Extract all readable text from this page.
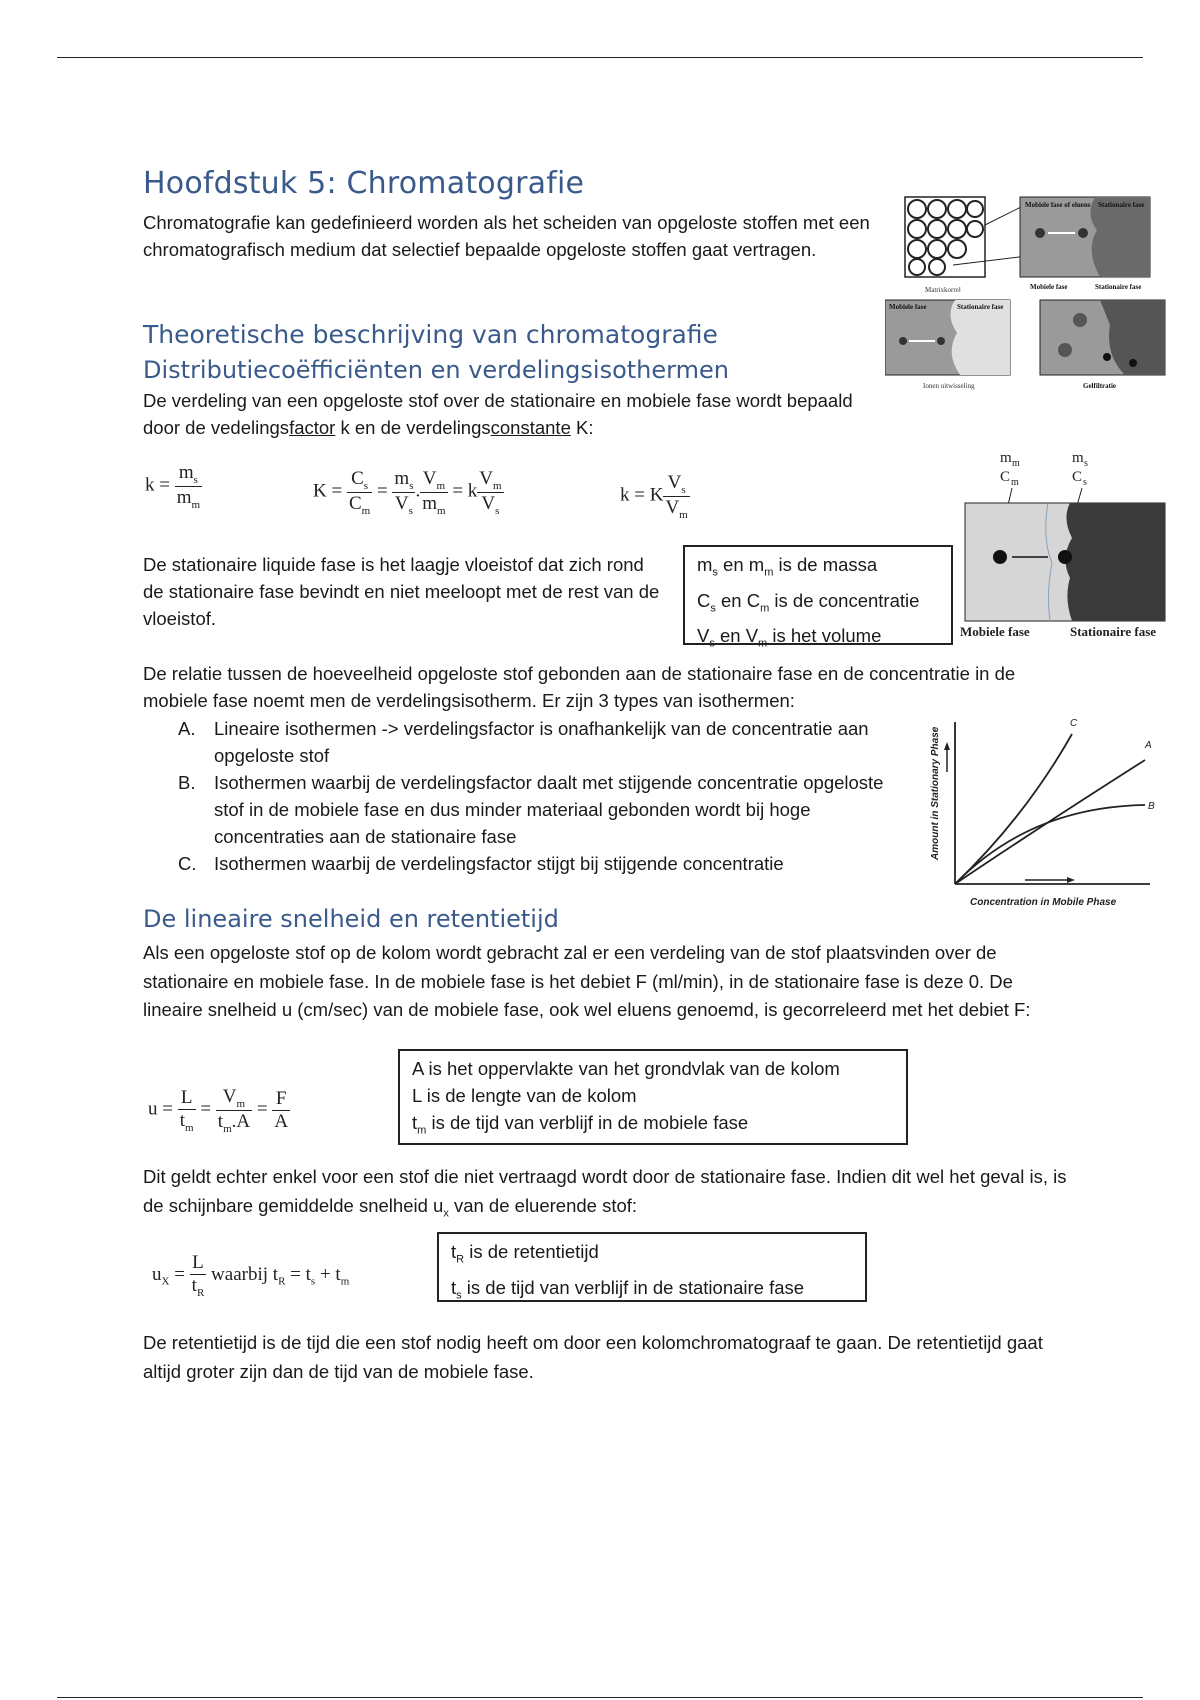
Hoofdstuk 5: Chromatografie
Chromatografie kan gedefinieerd worden als het scheiden van opgeloste stoffen met een chromatografisch medium dat selectief bepaalde opgeloste stoffen gaat vertragen.
Mobiele fase of eluens Stationaire fase
Matrixkorrel	Mobiele fase	Stationaire fase
Mobiele fase	Stationaire fase
Ionen uitwisseling	Gelfiltratie
Theoretische beschrijving van chromatografie
Distributiecoëfficiënten en verdelingsisothermen
De verdeling van een opgeloste stof over de stationaire en mobiele fase wordt bepaald door de vedelingsfactor k en de verdelingsconstante K:
$k = \frac{m_s}{m_m}$	$K = \frac{C_s}{C_m} = \frac{m_s}{V_s}$ . $\frac{V_m}{m_m} = k \frac{V_m}{V_s}$	k = K $\frac{V_s}{V_m}$
m m
C m
m s
C s
Mobiele fase	Stationaire fase
De stationaire liquide fase is het laagje vloeistof dat zich rond de stationaire fase bevindt en niet meeloopt met de rest van de vloeistof.
$m_s$ en $m_m$ is de massa
$C_s$ en $C_m$ is de concentratie
$V_s$ en $V_m$ is het volume
De relatie tussen de hoeveelheid opgeloste stof gebonden aan de stationaire fase en de concentratie in de mobiele fase noemt men de verdelingsisotherm. Er zijn 3 types van isothermen:
A.	Lineaire isothermen -> verdelingsfactor is onafhankelijk van de concentratie aan opgeloste stof
B.	Isothermen waarbij de verdelingsfactor daalt met stijgende concentratie opgeloste stof in de mobiele fase en dus minder materiaal gebonden wordt bij hoge concentraties aan de stationaire fase
C. Isothermen waarbij de verdelingsfactor stijgt bij stijgende concentratie
C
A
B
Amount in Stationary Phase
Concentration in Mobile Phase
De lineaire snelheid en retentietijd
Als een opgeloste stof op de kolom wordt gebracht zal er een verdeling van de stof plaatsvinden over de stationaire en mobiele fase. In de mobiele fase is het debiet F (ml/min), in de stationaire fase is deze 0. De lineaire snelheid u (cm/sec) van de mobiele fase, ook wel eluens genoemd, is gecorreleerd met het debiet F:
$u = \frac{L}{t_m} = \frac{V_m}{t_m.A} = \frac{F}{A}$
A is het oppervlakte van het grondvlak van de kolom
L is de lengte van de kolom
$t_m$ is de tijd van verblijf in de mobiele fase
Dit geldt echter enkel voor een stof die niet vertraagd wordt door de stationaire fase. Indien dit wel het geval is, is de schijnbare gemiddelde snelheid $u_x$ van de eluerende stof:
$u_X = \frac{L}{t_R}$ waarbij $t_R = t_s + t_m$
$t_R$ is de retentietijd
$t_s$ is de tijd van verblijf in de stationaire fase
De retentietijd is de tijd die een stof nodig heeft om door een kolomchromatograaf te gaan. De retentietijd gaat altijd groter zijn dan de tijd van de mobiele fase.
